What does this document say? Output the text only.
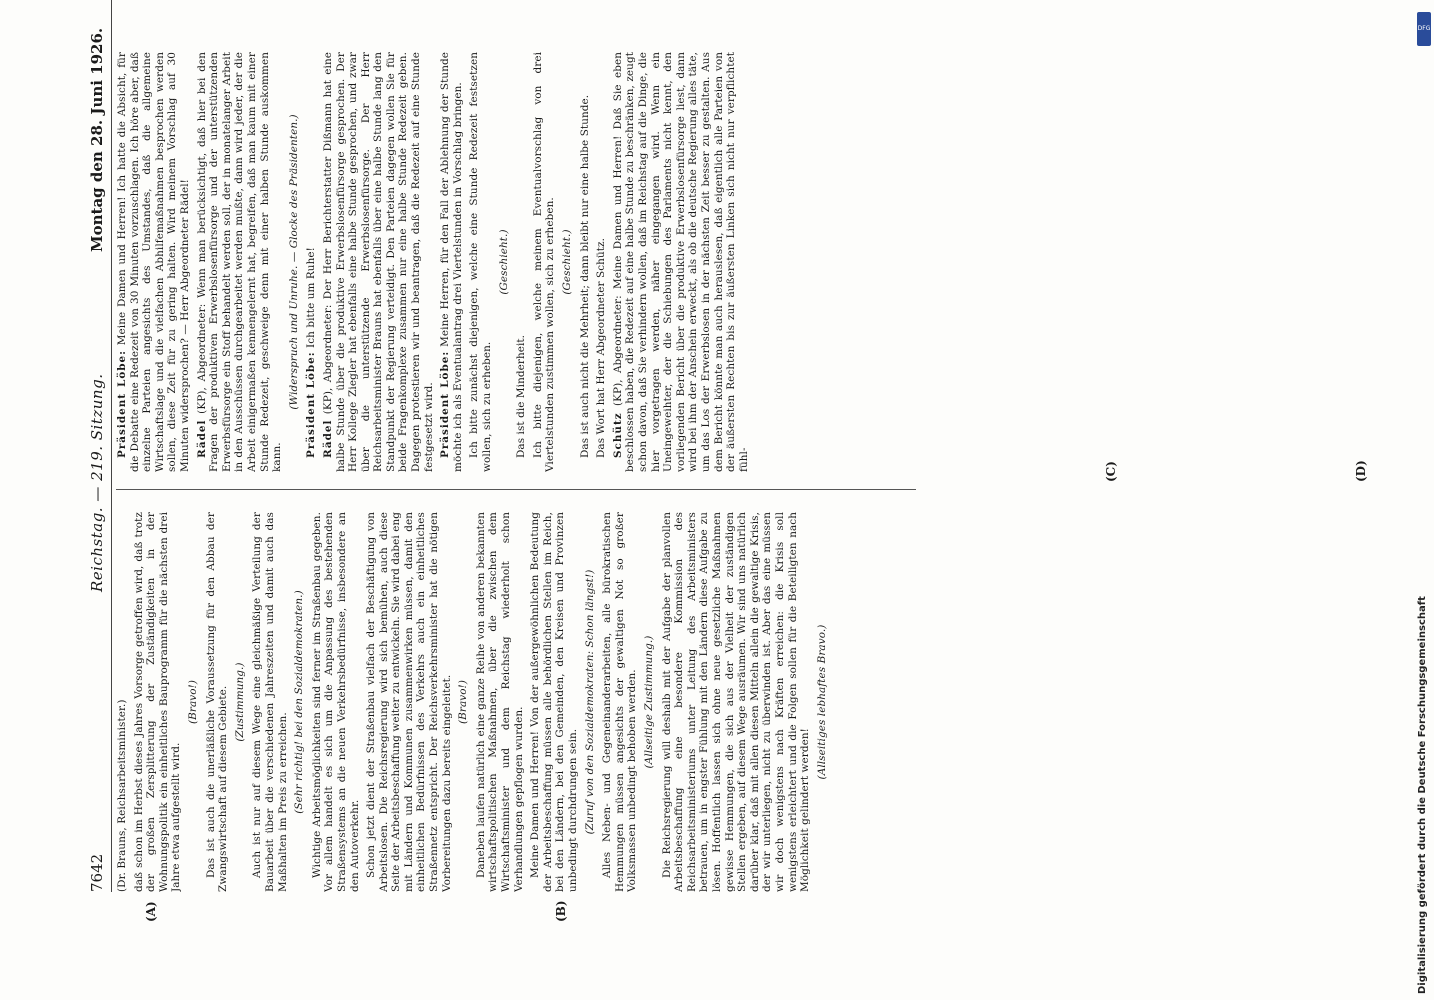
7642
Reichstag. — 219. Sitzung.
Montag den 28. Juni 1926.
(A)	(B)
(C)	(D)

(Dr. Brauns, Reichsarbeitsminister.) daß schon im Herbst dieses Jahres Vorsorge getroffen wird, daß trotz der großen Zersplitterung der Zuständigkeiten in der Wohnungspolitik ein einheitliches Bauprogramm für die nächsten drei Jahre etwa aufgestellt wird.

(Bravo!) Das ist auch die unerläßliche Voraussetzung für den Abbau der Zwangswirtschaft auf diesem Gebiete. (Zustimmung.) Auch ist nur auf diesem Wege eine gleichmäßige Verteilung der Bauarbeit über die verschiedenen Jahreszeiten und damit auch das Maßhalten im Preis zu erreichen. (Sehr richtig! bei den Sozialdemokraten.) Wichtige Arbeitsmöglichkeiten sind ferner im Straßenbau gegeben. Vor allem handelt es sich um die Anpassung des bestehenden Straßensystems an die neuen Verkehrsbedürfnisse, insbesondere an den Autoverkehr. Schon jetzt dient der Straßenbau vielfach der Beschäftigung von Arbeitslosen. Die Reichsregierung wird sich bemühen, auch diese Seite der Arbeitsbeschaffung weiter zu entwickeln. Sie wird dabei eng mit Ländern und Kommunen zusammenwirken müssen, damit den einheitlichen Bedürfnissen des Verkehrs auch ein einheitliches Straßennetz entspricht. Der Reichsverkehrsminister hat die nötigen Vorbereitungen dazu bereits eingeleitet. (Bravo!) Daneben laufen natürlich eine ganze Reihe von anderen bekannten wirtschaftspolitischen Maßnahmen, über die zwischen dem Wirtschaftsminister und dem Reichstag wiederholt schon Verhandlungen gepflogen wurden. Meine Damen und Herren! Von der außergewöhnlichen Bedeutung der Arbeitsbeschaffung müssen alle behördlichen Stellen im Reich, bei den Ländern, bei den Gemeinden, den Kreisen und Provinzen unbedingt durchdrungen sein. (Zuruf von den Sozialdemokraten: Schon längst!) Alles Neben- und Gegeneinanderarbeiten, alle bürokratischen Hemmungen müssen angesichts der gewaltigen Not so großer Volksmassen unbedingt behoben werden. (Allseitige Zustimmung.) Die Reichsregierung will deshalb mit der Aufgabe der planvollen Arbeitsbeschaffung eine besondere Kommission des Reichsarbeitsministeriums unter Leitung des Arbeitsministers betrauen, um in engster Fühlung mit den Ländern diese Aufgabe zu lösen. Hoffentlich lassen sich ohne neue gesetzliche Maßnahmen gewisse Hemmungen, die sich aus der Vielheit der zuständigen Stellen ergeben, auf diesem Wege ausräumen. Wir sind uns natürlich darüber klar, daß mit allen diesen Mitteln allein die gewaltige Krisis, der wir unterliegen, nicht zu überwinden ist. Aber das eine müssen wir doch wenigstens nach Kräften erreichen: die Krisis soll wenigstens erleichtert und die Folgen sollen für die Beteiligten nach Möglichkeit gelindert werden!

(Allseitiges lebhaftes Bravo.)

Präsident Löbe: Meine Damen und Herren! Ich hatte die Absicht, für die Debatte eine Redezeit von 30 Minuten vorzuschlagen. Ich höre aber, daß einzelne Parteien angesichts des Umstandes, daß die allgemeine Wirtschaftslage und die vielfachen Abhilfemaßnahmen besprochen werden sollen, diese Zeit für zu gering halten. Wird meinem Vorschlag auf 30 Minuten widersprochen? — Herr Abgeordneter Rädel! Rädel (KP), Abgeordneter: Wenn man berücksichtigt, daß hier bei den Fragen der produktiven Erwerbslosenfürsorge und der unterstützenden Erwerbsfürsorge ein Stoff behandelt werden soll, der in monatelanger Arbeit in den Ausschüssen durchgearbeitet werden mußte, dann wird jeder, der die Arbeit einigermaßen kennengelernt hat, begreifen, daß man kaum mit einer Stunde Redezeit, geschweige denn mit einer halben Stunde auskommen kann.

(Widerspruch und Unruhe. — Glocke des Präsidenten.) Präsident Löbe: Ich bitte um Ruhe!

Rädel (KP), Abgeordneter: Der Herr Berichterstatter Dißmann hat eine halbe Stunde über die produktive Erwerbslosenfürsorge gesprochen. Der Herr Kollege Ziegler hat ebenfalls eine halbe Stunde gesprochen, und zwar über die unterstützende Erwerbslosenfürsorge. Der Herr Reichsarbeitsminister Brauns hat ebenfalls über eine halbe Stunde lang den Standpunkt der Regierung verteidigt. Den Parteien dagegen wollen Sie für beide Fragenkomplexe zusammen nur eine halbe Stunde Redezeit geben. Dagegen protestieren wir und beantragen, daß die Redezeit auf eine Stunde festgesetzt wird. Präsident Löbe: Meine Herren, für den Fall der Ablehnung der Stunde möchte ich als Eventualantrag drei Viertelstunden in Vorschlag bringen. Ich bitte zunächst diejenigen, welche eine Stunde Redezeit festsetzen wollen, sich zu erheben.

(Geschieht.)

Das ist die Minderheit. Ich bitte diejenigen, welche meinem Eventualvorschlag von drei Viertelstunden zustimmen wollen, sich zu erheben. (Geschieht.) Das ist auch nicht die Mehrheit; dann bleibt nur eine halbe Stunde. Das Wort hat Herr Abgeordneter Schütz. Schütz (KP), Abgeordneter: Meine Damen und Herren! Daß Sie eben beschlossen haben, die Redezeit auf eine halbe Stunde zu beschränken, zeugt schon davon, daß Sie verhindern wollen, daß im Reichstag auf die Dinge, die hier vorgetragen werden, näher eingegangen wird. Wenn ein Uneingeweihter, der die Schiebungen des Parlaments nicht kennt, den vorliegenden Bericht über die produktive Erwerbslosenfürsorge liest, dann wird bei ihm der Anschein erweckt, als ob die deutsche Regierung alles täte, um das Los der Erwerbslosen in der nächsten Zeit besser zu gestalten. Aus dem Bericht könnte man auch herauslesen, daß eigentlich alle Parteien von der äußersten Rechten bis zur äußersten Linken sich nicht nur verpflichtet fühl-

DFG
Digitalisierung gefördert durch die Deutsche Forschungsgemeinschaft
